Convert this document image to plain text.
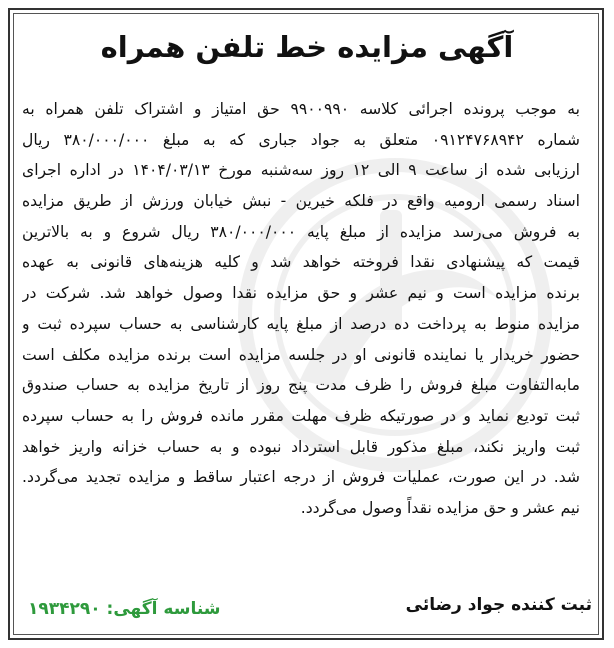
آگهی مزایده خط تلفن همراه
به موجب پرونده اجرائی کلاسه ۹۹۰۰۹۹۰ حق امتیاز و اشتراک تلفن همراه به
شماره ۰۹۱۲۴۷۶۸۹۴۲ متعلق به جواد جباری که به مبلغ ۳۸۰/۰۰۰/۰۰۰ ریال
ارزیابی شده از ساعت ۹ الی ۱۲ روز سه‌شنبه مورخ ۱۴۰۴/۰۳/۱۳ در اداره اجرای
اسناد رسمی ارومیه واقع در فلکه خیرین - نبش خیابان ورزش از طریق مزایده
به فروش می‌رسد مزایده از مبلغ پایه ۳۸۰/۰۰۰/۰۰۰ ریال شروع و به بالاترین
قیمت که پیشنهادی نقدا فروخته خواهد شد و کلیه هزینه‌های قانونی به عهده
برنده مزایده است و نیم عشر و حق مزایده نقدا وصول خواهد شد. شرکت در
مزایده منوط به پرداخت ده درصد از مبلغ پایه کارشناسی به حساب سپرده ثبت و
حضور خریدار یا نماینده قانونی او در جلسه مزایده است برنده مزایده مکلف است
مابه‌التفاوت مبلغ فروش را ظرف مدت پنج روز از تاریخ مزایده به حساب صندوق
ثبت تودیع نماید و در صورتیکه ظرف مهلت مقرر مانده فروش را به حساب سپرده
ثبت واریز نکند، مبلغ مذکور قابل استرداد نبوده و به حساب خزانه واریز خواهد
شد. در این صورت، عملیات فروش از درجه اعتبار ساقط و مزایده تجدید می‌گردد.
نیم عشر و حق مزایده نقداً وصول می‌گردد.
ثبت کننده جواد رضائی
شناسه آگهی: ۱۹۳۴۲۹۰
